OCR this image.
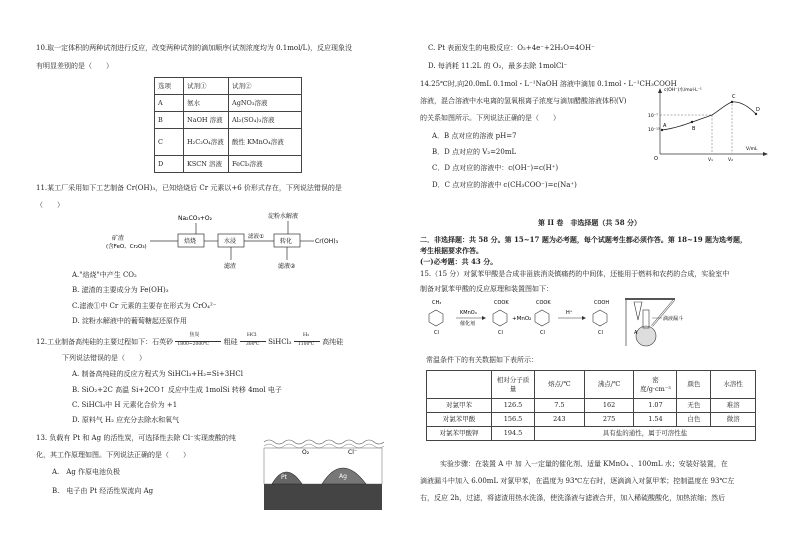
10.取一定体积的两种试剂进行反应，改变两种试剂的滴加顺序(试剂浓度均为 0.1mol/L)，反应现象没
有明显差别的是（　　）
选项	试剂①	试剂②
A	氨水	AgNO₃溶液
B	NaOH 溶液	Al₂(SO₄)₃溶液
C	H₂C₂O₄溶液	酸性 KMnO₄溶液
D	KSCN 溶液	FeCl₃溶液
11.某工厂采用如下工艺制备 Cr(OH)₃，已知焙烧后 Cr 元素以+6 价形式存在，下列说法错误的是
（　　）
Na₂CO₃+O₂	淀粉水解液
矿渣
(含FeO、Cr₂O₃)
焙烧	水浸
滤液①
转化	Cr(OH)₃
滤渣	滤液②
A."焙烧"中产生 CO₂
B. 滤渣的主要成分为 Fe(OH)₃
C.滤液①中 Cr 元素的主要存在形式为 CrO₄²⁻
D. 淀粉水解液中的葡萄糖起还原作用
12.工业制备高纯硅的主要过程如下：石英砂
焦炭
1800~2000℃ 粗硅
HCl
300℃ SiHCl₃ $\frac{\text{H₂}}{1100℃}$ 高纯硅
下列说法错误的是（　　）
A. 制备高纯硅的反应方程式为 SiHCl₃+H₂=Si+3HCl
B. SiO₂+2C 高温 Si+2CO↑ 反应中生成 1molSi 转移 4mol 电子
C. SiHCl₃中 H 元素化合价为 +1
D. 原料气 H₂ 应充分去除水和氧气
13. 负载有 Pt 和 Ag 的活性炭，可选择性去除 Cl⁻实现废酸的纯
化，其工作原理如图。下列说法正确的是（　　）
A.　Ag 作原电池负极
B.　电子由 Pt 经活性炭流向 Ag
O₂	Cl⁻
Pt	Ag
C. Pt 表面发生的电极反应：O₂+4e⁻+2H₂O=4OH⁻
D. 每消耗 11.2L 的 O₂，最多去除 1molCl⁻
14.25℃时,向20.0mL 0.1mol・L⁻¹NaOH 溶液中滴加 0.1mol・L⁻¹CH₃COOH
溶液，混合溶液中水电离的氢氧根离子浓度与滴加醋酸溶液体积(V)
的关系如图所示。下列说法正确的是（　　）
A．B 点对应的溶液 pH=7
B．D 点对应的 V₂=20mL
C．D 点对应的溶液中：c(OH⁻)=c(H⁺)
D．C 点对应的溶液中 c(CH₃COO⁻)=c(Na⁺)
c(OH⁻)水/mol·L⁻¹
V/mL
O
10⁻⁷
10⁻¹³
A	B
C
D
V₁	V₂
第 II 卷　非选择题（共 58 分）
二．非选择题：共 58 分。第 15~17 题为必考题，每个试题考生都必须作答。第 18~19 题为选考题，
考生根据要求作答。
(一)必考题：共 43 分。
15.（15 分）对氯苯甲酸是合成非甾族消炎镇痛药的中间体，还能用于燃料和农药的合成，实验室中
制备对氯苯甲酸的反应原理和装置图如下：
CH₃
Cl
KMnO₄
催化剂
COOK
Cl
+MnO₂
COOK
Cl
H⁺
COOH
Cl	A
滴液漏斗
常温条件下的有关数据如下表所示：
	相对分子质量	熔点/℃	沸点/℃	密度/g·cm⁻³	颜色	水溶性
对氯甲苯	126.5	7.5	162	1.07	无色	难溶
对氯苯甲酸	156.5	243	275	1.54	白色	微溶
对氯苯甲酸钾	194.5	具有盐的通性，属于可溶性盐				
实验步骤：在装置 A 中 加 入一定量的催化剂、适量 KMnO₄ 、100mL 水；安装好装置，在
滴液漏斗中加入 6.00mL 对氯甲苯，在温度为 93℃左右时，逐滴滴入对氯甲苯；控制温度在 93℃左
右，反应 2h，过滤，将滤渣用热水洗涤，使洗涤液与滤液合并，加入稀硫酸酸化，加热浓缩；然后
